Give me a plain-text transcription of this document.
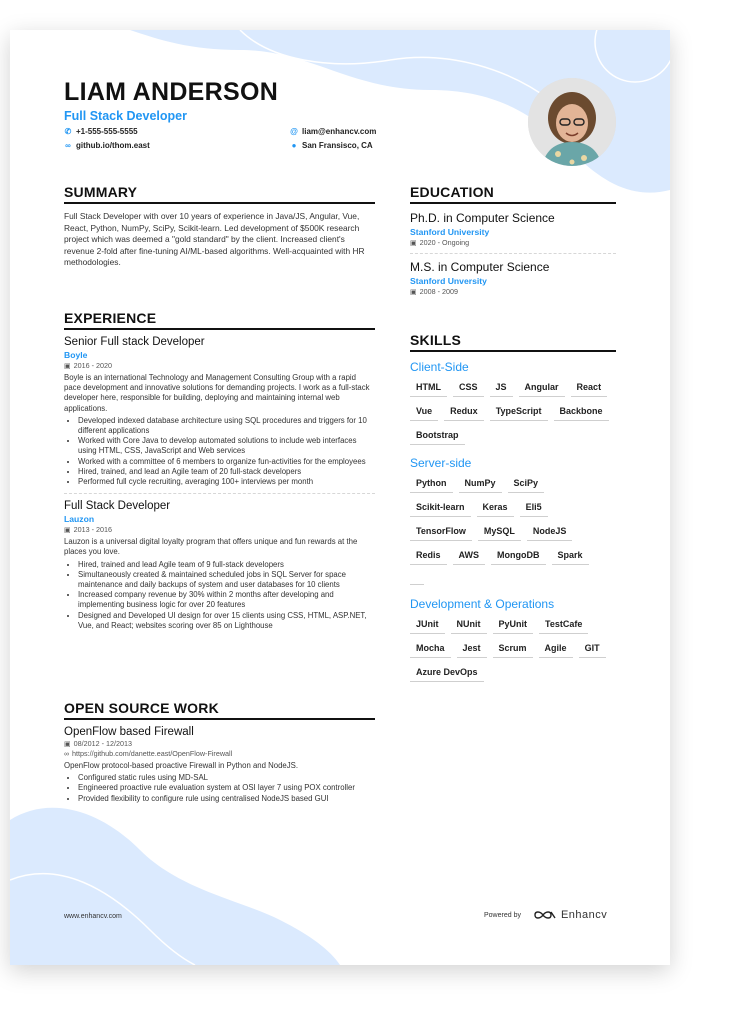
LIAM ANDERSON
Full Stack Developer
✆ +1-555-555-5555	@ liam@enhancv.com
∞ github.io/thom.east	● San Fransisco, CA
SUMMARY
Full Stack Developer with over 10 years of experience in Java/JS, Angular, Vue, React, Python, NumPy, SciPy, Scikit-learn. Led development of $500K research project which was deemed a "gold standard" by the client. Increased client's revenue 2-fold after fine-tuning AI/ML-based algorithms. Well-acquainted with HR methodologies.
EXPERIENCE
Senior Full stack Developer
Boyle
▣ 2016 - 2020
Boyle is an international Technology and Management Consulting Group with a rapid pace development and innovative solutions for demanding projects. I work as a full-stack developer here, responsible for building, deploying and maintaining internal web applications.
• Developed indexed database architecture using SQL procedures and triggers for 10 different applications
• Worked with Core Java to develop automated solutions to include web interfaces using HTML, CSS, JavaScript and Web services
• Worked with a committee of 6 members to organize fun-activities for the employees
• Hired, trained, and lead an Agile team of 20 full-stack developers
• Performed full cycle recruiting, averaging 100+ interviews per month
Full Stack Developer
Lauzon
▣ 2013 - 2016
Lauzon is a universal digital loyalty program that offers unique and fun rewards at the places you love.
• Hired, trained and lead Agile team of 9 full-stack developers
• Simultaneously created & maintained scheduled jobs in SQL Server for space maintenance and daily backups of system and user databases for 10 clients
• Increased company revenue by 30% within 2 months after developing and implementing business logic for over 20 features
• Designed and Developed UI design for over 15 clients using CSS, HTML, ASP.NET, Vue, and React; websites scoring over 85 on Lighthouse
OPEN SOURCE WORK
OpenFlow based Firewall
▣ 08/2012 - 12/2013
∞ https://github.com/danette.east/OpenFlow-Firewall
OpenFlow protocol-based proactive Firewall in Python and NodeJS.
• Configured static rules using MD-SAL
• Engineered proactive rule evaluation system at OSI layer 7 using POX controller
• Provided flexibility to configure rule using centralised NodeJS based GUI
EDUCATION
Ph.D. in Computer Science
Stanford University
▣ 2020 - Ongoing
M.S. in Computer Science
Stanford Unversity
▣ 2008 - 2009
SKILLS
Client-Side
HTML	CSS	JS	Angular	React
Vue	Redux	TypeScript	Backbone
Bootstrap
Server-side
Python	NumPy	SciPy
Scikit-learn	Keras	Eli5
TensorFlow	MySQL	NodeJS
Redis	AWS	MongoDB	Spark
Development & Operations
JUnit	NUnit	PyUnit	TestCafe
Mocha	Jest	Scrum	Agile	GIT
Azure DevOps
www.enhancv.com	Powered by	Enhancv
